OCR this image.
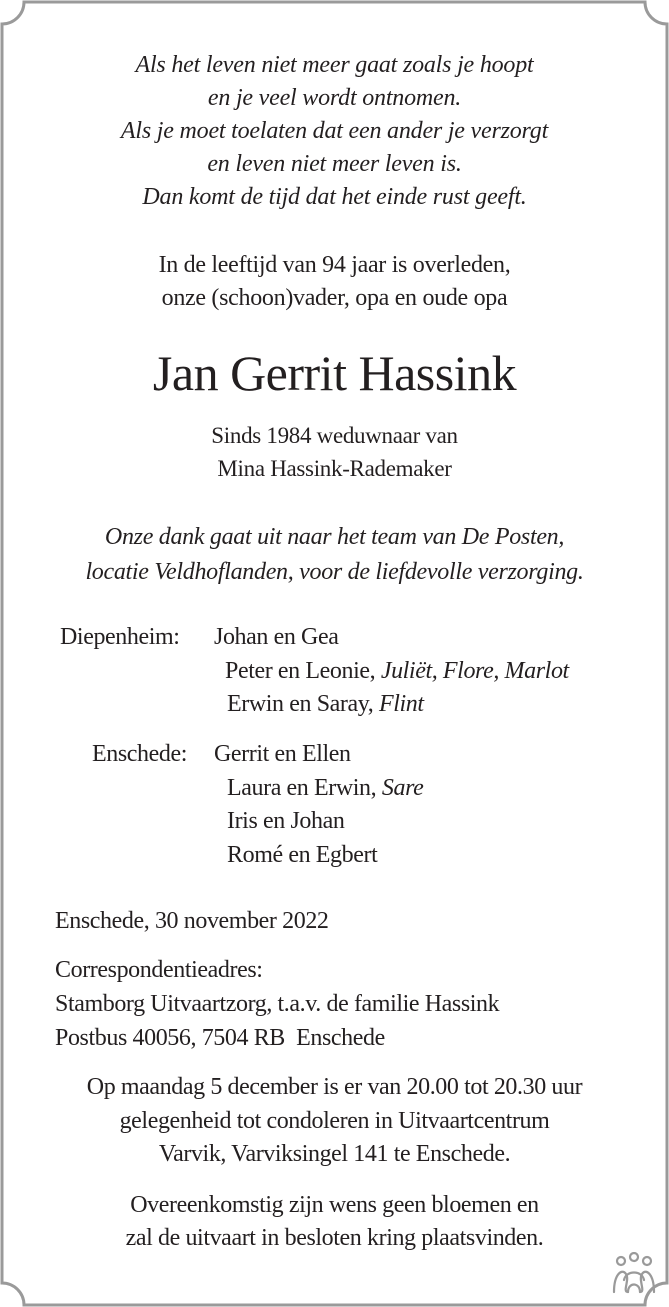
Als het leven niet meer gaat zoals je hoopt
en je veel wordt ontnomen.
Als je moet toelaten dat een ander je verzorgt
en leven niet meer leven is.
Dan komt de tijd dat het einde rust geeft.
In de leeftijd van 94 jaar is overleden,
onze (schoon)vader, opa en oude opa
Jan Gerrit Hassink
Sinds 1984 weduwnaar van
Mina Hassink-Rademaker
Onze dank gaat uit naar het team van De Posten,
locatie Veldhoflanden, voor de liefdevolle verzorging.
Diepenheim: Johan en Gea
Peter en Leonie, Juliët, Flore, Marlot
Erwin en Saray, Flint
Enschede: Gerrit en Ellen
Laura en Erwin, Sare
Iris en Johan
Romé en Egbert
Enschede, 30 november 2022
Correspondentieadres:
Stamborg Uitvaartzorg, t.a.v. de familie Hassink
Postbus 40056, 7504 RB  Enschede
Op maandag 5 december is er van 20.00 tot 20.30 uur
gelegenheid tot condoleren in Uitvaartcentrum
Varvik, Varviksingel 141 te Enschede.
Overeenkomstig zijn wens geen bloemen en
zal de uitvaart in besloten kring plaatsvinden.
